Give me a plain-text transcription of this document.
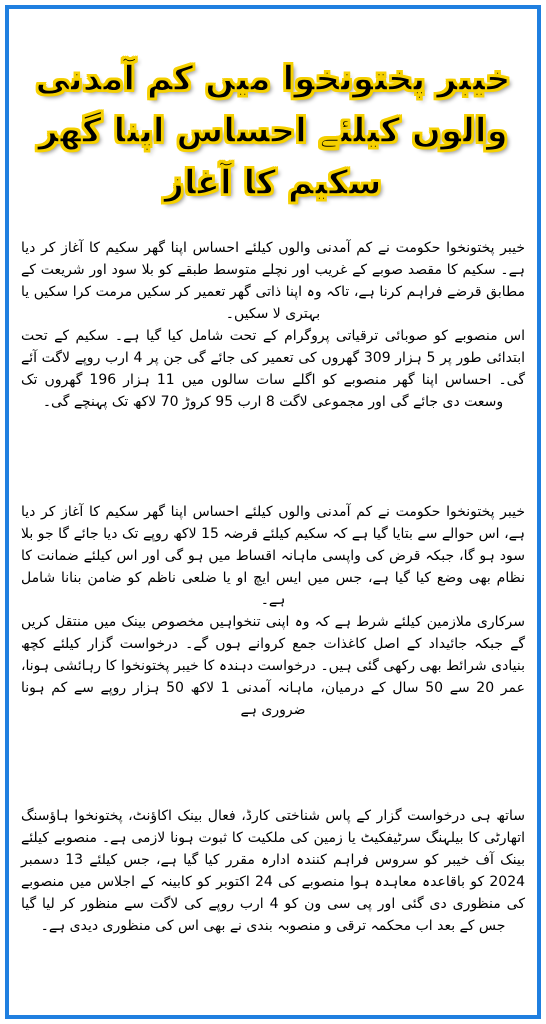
خیبر پختونخوا میں کم آمدنی
والوں کیلئے احساس اپنا گھر
سکیم کا آغاز

خیبر پختونخوا حکومت نے کم آمدنی والوں کیلئے احساس اپنا گھر سکیم کا آغاز کر دیا ہے۔ سکیم کا مقصد صوبے کے غریب اور نچلے متوسط طبقے کو بلا سود اور شریعت کے مطابق قرضے فراہم کرنا ہے، تاکہ وہ اپنا ذاتی گھر تعمیر کر سکیں مرمت کرا سکیں یا بہتری لا سکیں۔

اس منصوبے کو صوبائی ترقیاتی پروگرام کے تحت شامل کیا گیا ہے۔ سکیم کے تحت ابتدائی طور پر 5 ہزار 309 گھروں کی تعمیر کی جائے گی جن پر 4 ارب روپے لاگت آئے گی۔ احساس اپنا گھر منصوبے کو اگلے سات سالوں میں 11 ہزار 196 گھروں تک وسعت دی جائے گی اور مجموعی لاگت 8 ارب 95 کروڑ 70 لاکھ تک پہنچے گی۔

خیبر پختونخوا حکومت نے کم آمدنی والوں کیلئے احساس اپنا گھر سکیم کا آغاز کر دیا ہے، اس حوالے سے بتایا گیا ہے کہ سکیم کیلئے قرضہ 15 لاکھ روپے تک دیا جائے گا جو بلا سود ہو گا، جبکہ قرض کی واپسی ماہانہ اقساط میں ہو گی اور اس کیلئے ضمانت کا نظام بھی وضع کیا گیا ہے، جس میں ایس ایچ او یا ضلعی ناظم کو ضامن بنانا شامل ہے۔

سرکاری ملازمین کیلئے شرط ہے کہ وہ اپنی تنخواہیں مخصوص بینک میں منتقل کریں گے جبکہ جائیداد کے اصل کاغذات جمع کروانے ہوں گے۔ درخواست گزار کیلئے کچھ بنیادی شرائط بھی رکھی گئی ہیں۔ درخواست دہندہ کا خیبر پختونخوا کا رہائشی ہونا، عمر 20 سے 50 سال کے درمیان، ماہانہ آمدنی 1 لاکھ 50 ہزار روپے سے کم ہونا ضروری ہے

ساتھ ہی درخواست گزار کے پاس شناختی کارڈ، فعال بینک اکاؤنٹ، پختونخوا ہاؤسنگ اتھارٹی کا بیلہنگ سرٹیفکیٹ یا زمین کی ملکیت کا ثبوت ہونا لازمی ہے۔ منصوبے کیلئے بینک آف خیبر کو سروس فراہم کنندہ ادارہ مقرر کیا گیا ہے، جس کیلئے 13 دسمبر 2024 کو باقاعدہ معاہدہ ہوا منصوبے کی 24 اکتوبر کو کابینہ کے اجلاس میں منصوبے کی منظوری دی گئی اور پی سی ون کو 4 ارب روپے کی لاگت سے منظور کر لیا گیا جس کے بعد اب محکمہ ترقی و منصوبہ بندی نے بھی اس کی منظوری دیدی ہے۔
